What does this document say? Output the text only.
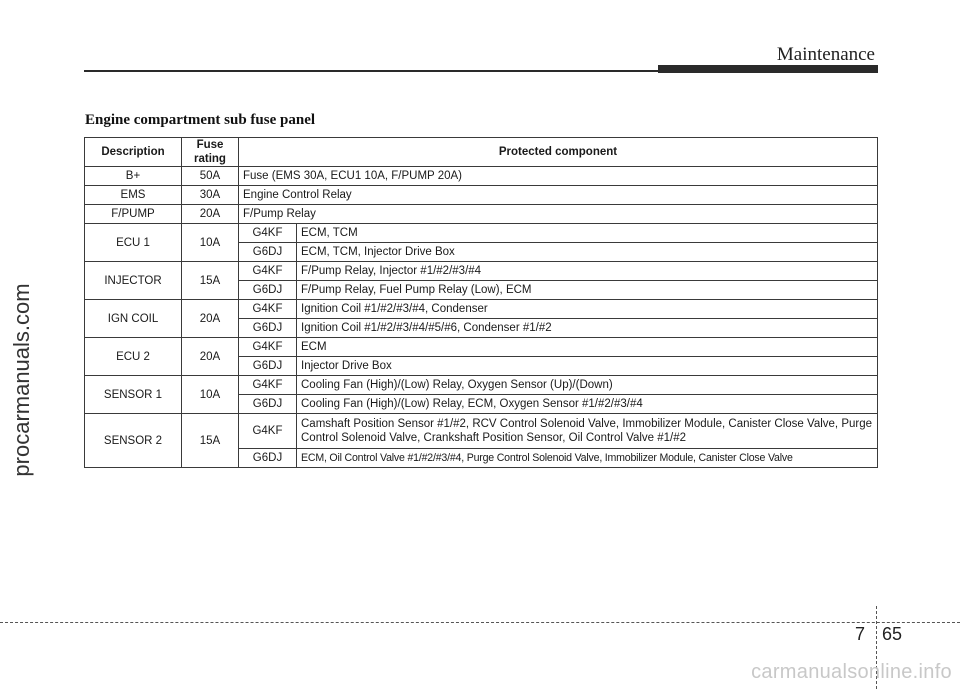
Maintenance
Engine compartment sub fuse panel
Description	Fuse rating	Protected component	
B+	50A	Fuse (EMS 30A, ECU1 10A, F/PUMP 20A)	
EMS	30A	Engine Control Relay	
F/PUMP	20A	F/Pump Relay	
ECU 1	10A	G4KF	ECM, TCM
		G6DJ	ECM, TCM, Injector Drive Box
INJECTOR	15A	G4KF	F/Pump Relay, Injector #1/#2/#3/#4
		G6DJ	F/Pump Relay, Fuel Pump Relay (Low), ECM
IGN COIL	20A	G4KF	Ignition Coil #1/#2/#3/#4, Condenser
		G6DJ	Ignition Coil #1/#2/#3/#4/#5/#6, Condenser #1/#2
ECU 2	20A	G4KF	ECM
		G6DJ	Injector Drive Box
SENSOR 1	10A	G4KF	Cooling Fan (High)/(Low) Relay, Oxygen Sensor (Up)/(Down)
		G6DJ	Cooling Fan (High)/(Low) Relay, ECM, Oxygen Sensor #1/#2/#3/#4
SENSOR 2	15A	G4KF	Camshaft Position Sensor #1/#2, RCV Control Solenoid Valve, Immobilizer Module, Canister Close Valve, Purge Control Solenoid Valve, Crankshaft Position Sensor, Oil Control Valve #1/#2
		G6DJ	ECM, Oil Control Valve #1/#2/#3/#4, Purge Control Solenoid Valve, Immobilizer Module, Canister Close Valve
procarmanuals.com
7 65
carmanualsonline.info
